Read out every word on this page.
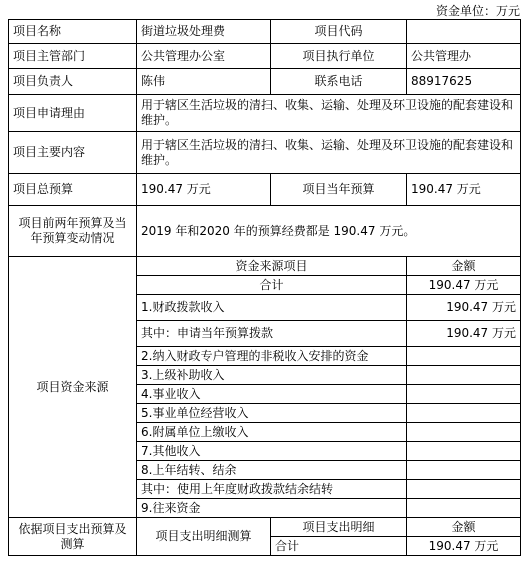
资金单位：万元
项目名称	街道垃圾处理费	项目代码	
项目主管部门	公共管理办公室	项目执行单位	公共管理办
项目负责人	陈伟	联系电话	88917625
项目申请理由	用于辖区生活垃圾的清扫、收集、运输、处理及环卫设施的配套建设和维护。		
项目主要内容	用于辖区生活垃圾的清扫、收集、运输、处理及环卫设施的配套建设和维护。		
项目总预算	190.47 万元	项目当年预算	190.47 万元
项目前两年预算及当年预算变动情况	2019 年和2020 年的预算经费都是 190.47 万元。		
项目资金来源	资金来源项目		金额
	合计		190.47 万元
	1.财政拨款收入		190.47 万元
	其中：申请当年预算拨款		190.47 万元
	2.纳入财政专户管理的非税收入安排的资金		
	3.上级补助收入		
	4.事业收入		
	5.事业单位经营收入		
	6.附属单位上缴收入		
	7.其他收入		
	8.上年结转、结余		
	其中：使用上年度财政拨款结余结转		
	9.往来资金		
依据项目支出预算及测算	项目支出明细测算	项目支出明细	金额
		合计	190.47 万元
